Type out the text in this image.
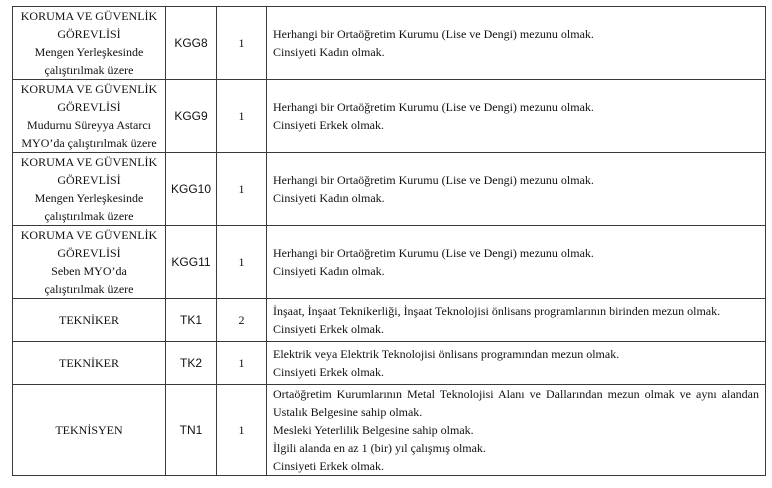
KORUMA VE GÜVENLİK
GÖREVLİSİ
Mengen Yerleşkesinde
çalıştırılmak üzere	KGG8	1	Herhangi bir Ortaöğretim Kurumu (Lise ve Dengi) mezunu olmak.
Cinsiyeti Kadın olmak.

KORUMA VE GÜVENLİK
GÖREVLİSİ
Mudurnu Süreyya Astarcı
MYO’da çalıştırılmak üzere	KGG9	1	Herhangi bir Ortaöğretim Kurumu (Lise ve Dengi) mezunu olmak.
Cinsiyeti Erkek olmak.

KORUMA VE GÜVENLİK
GÖREVLİSİ
Mengen Yerleşkesinde
çalıştırılmak üzere	KGG10	1	Herhangi bir Ortaöğretim Kurumu (Lise ve Dengi) mezunu olmak.
Cinsiyeti Kadın olmak.

KORUMA VE GÜVENLİK
GÖREVLİSİ
Seben MYO’da
çalıştırılmak üzere	KGG11	1	Herhangi bir Ortaöğretim Kurumu (Lise ve Dengi) mezunu olmak.
Cinsiyeti Kadın olmak.

TEKNİKER	TK1	2	İnşaat, İnşaat Teknikerliği, İnşaat Teknolojisi önlisans programlarının birinden mezun olmak.
Cinsiyeti Erkek olmak.

TEKNİKER	TK2	1	Elektrik veya Elektrik Teknolojisi önlisans programından mezun olmak.
Cinsiyeti Erkek olmak.

TEKNİSYEN	TN1	1	Ortaöğretim Kurumlarının Metal Teknolojisi Alanı ve Dallarından mezun olmak ve aynı alandan
Ustalık Belgesine sahip olmak.
Mesleki Yeterlilik Belgesine sahip olmak.
İlgili alanda en az 1 (bir) yıl çalışmış olmak.
Cinsiyeti Erkek olmak.
